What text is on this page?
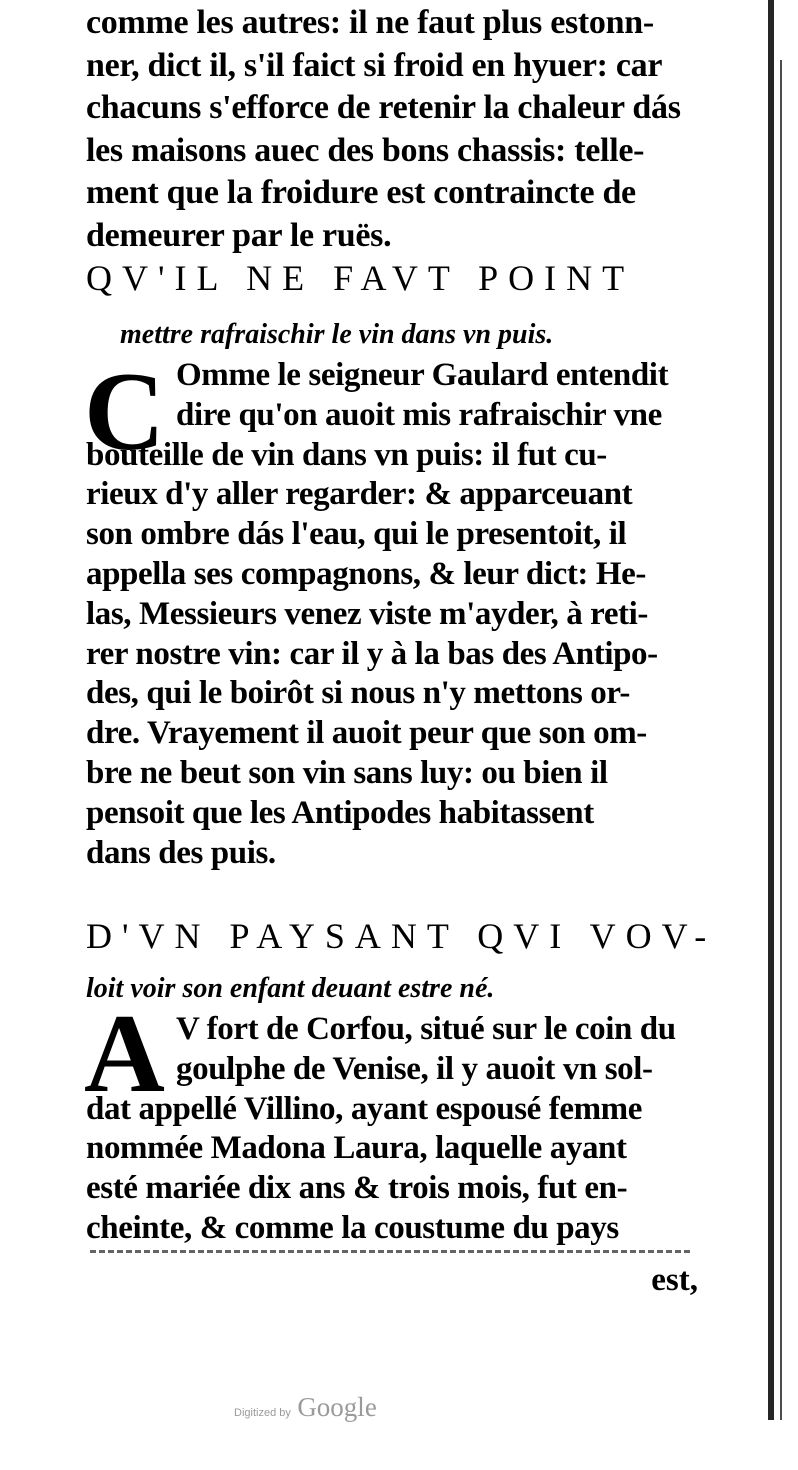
comme les autres: il ne faut plus estonn-
ner, dict il, s'il faict si froid en hyuer: car
chacuns s'efforce de retenir la chaleur dás
les maisons auec des bons chassis: telle-
ment que la froidure est contraincte de
demeurer par le ruës.
QV'IL NE FAVT POINT
mettre rafraischir le vin dans vn puis.
C Omme le seigneur Gaulard entendit
dire qu'on auoit mis rafraischir vne
bouteille de vin dans vn puis: il fut cu-
rieux d'y aller regarder: & apparceuant
son ombre dás l'eau, qui le presentoit, il
appella ses compagnons, & leur dict: He-
las, Messieurs venez viste m'ayder, à reti-
rer nostre vin: car il y à la bas des Antipo-
des, qui le boirôt si nous n'y mettons or-
dre. Vrayement il auoit peur que son om-
bre ne beut son vin sans luy: ou bien il
pensoit que les Antipodes habitassent
dans des puis.
D'VN PAYSANT QVI VOV-
loit voir son enfant deuant estre né.
A V fort de Corfou, situé sur le coin du
goulphe de Venise, il y auoit vn sol-
dat appellé Villino, ayant espousé femme
nommée Madona Laura, laquelle ayant
esté mariée dix ans & trois mois, fut en-
cheinte, & comme la coustume du pays
est,
Digitized by Google
